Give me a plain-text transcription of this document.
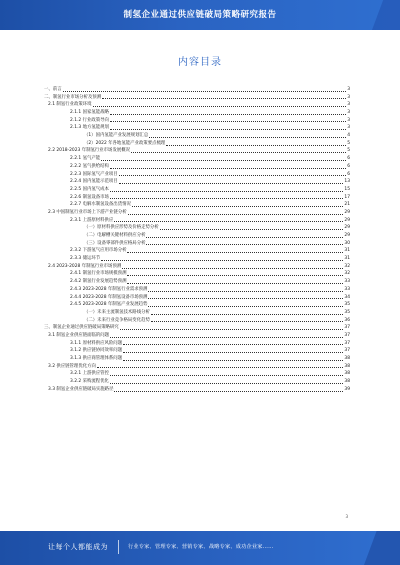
制氢企业通过供应链破局策略研究报告
内容目录
一、前言	3
二、制氢行业市场分析及预测	3
2.1 制氢行业政策环境	3
2.1.1 国家氢能战略	3
2.1.2 行业政策导向	3
2.1.3 地方氢能规划	3
（1）国内氢能产业发展规划汇总	4
（2）2022 年各地氢能产业政策要点梳理	5
2.2 2018-2023 年制氢行业市场发展概况	5
2.2.1 氢气产能	6
2.2.2 氢气供给结构	6
2.2.3 国际氢气产业项目	6
2.2.4 国内氢能示范项目	13
2.2.5 国内氢气成本	15
2.2.6 制氢设备市场	17
2.2.7 电解水制氢设备出货情况	21
2.3 中国制氢行业市场上下游产业链分析	29
2.3.1 上游原材料供应	29
（一）原材料供应形势及价格走势分析	29
（二）电解槽关键材料供应分析	29
（三）设备零部件供应格局分析	30
2.3.2 下游氢气应用市场分析	31
2.3.3 储运环节	31
2.4 2023-2028 年制氢行业市场预测	32
2.4.1 制氢行业市场规模预测	32
2.4.2 制氢行业发展趋势预测	33
2.4.3 2023-2028 年制氢行业需求预测	33
2.4.4 2023-2028 年制氢设备市场预测	34
2.4.5 2023-2028 年制氢产业发展趋势	35
（一）未来主流制氢技术路线分析	35
（二）未来行业竞争格局变化趋势	36
三、制氢企业通过供应链破局策略研究	37
3.1 制氢企业供应链面临的问题	37
3.1.1 原材料供应风险问题	37
3.1.2 供应链协同效率问题	37
3.1.3 供应商管理体系问题	38
3.2 供应链管理优化方向	38
3.2.1 上游供应管控	38
3.2.2 采购流程优化	38
3.3 制氢企业供应链破局实施路径	39
3
让每个人都能成为	行业专家、管理专家、营销专家、战略专家、成功企业家……
